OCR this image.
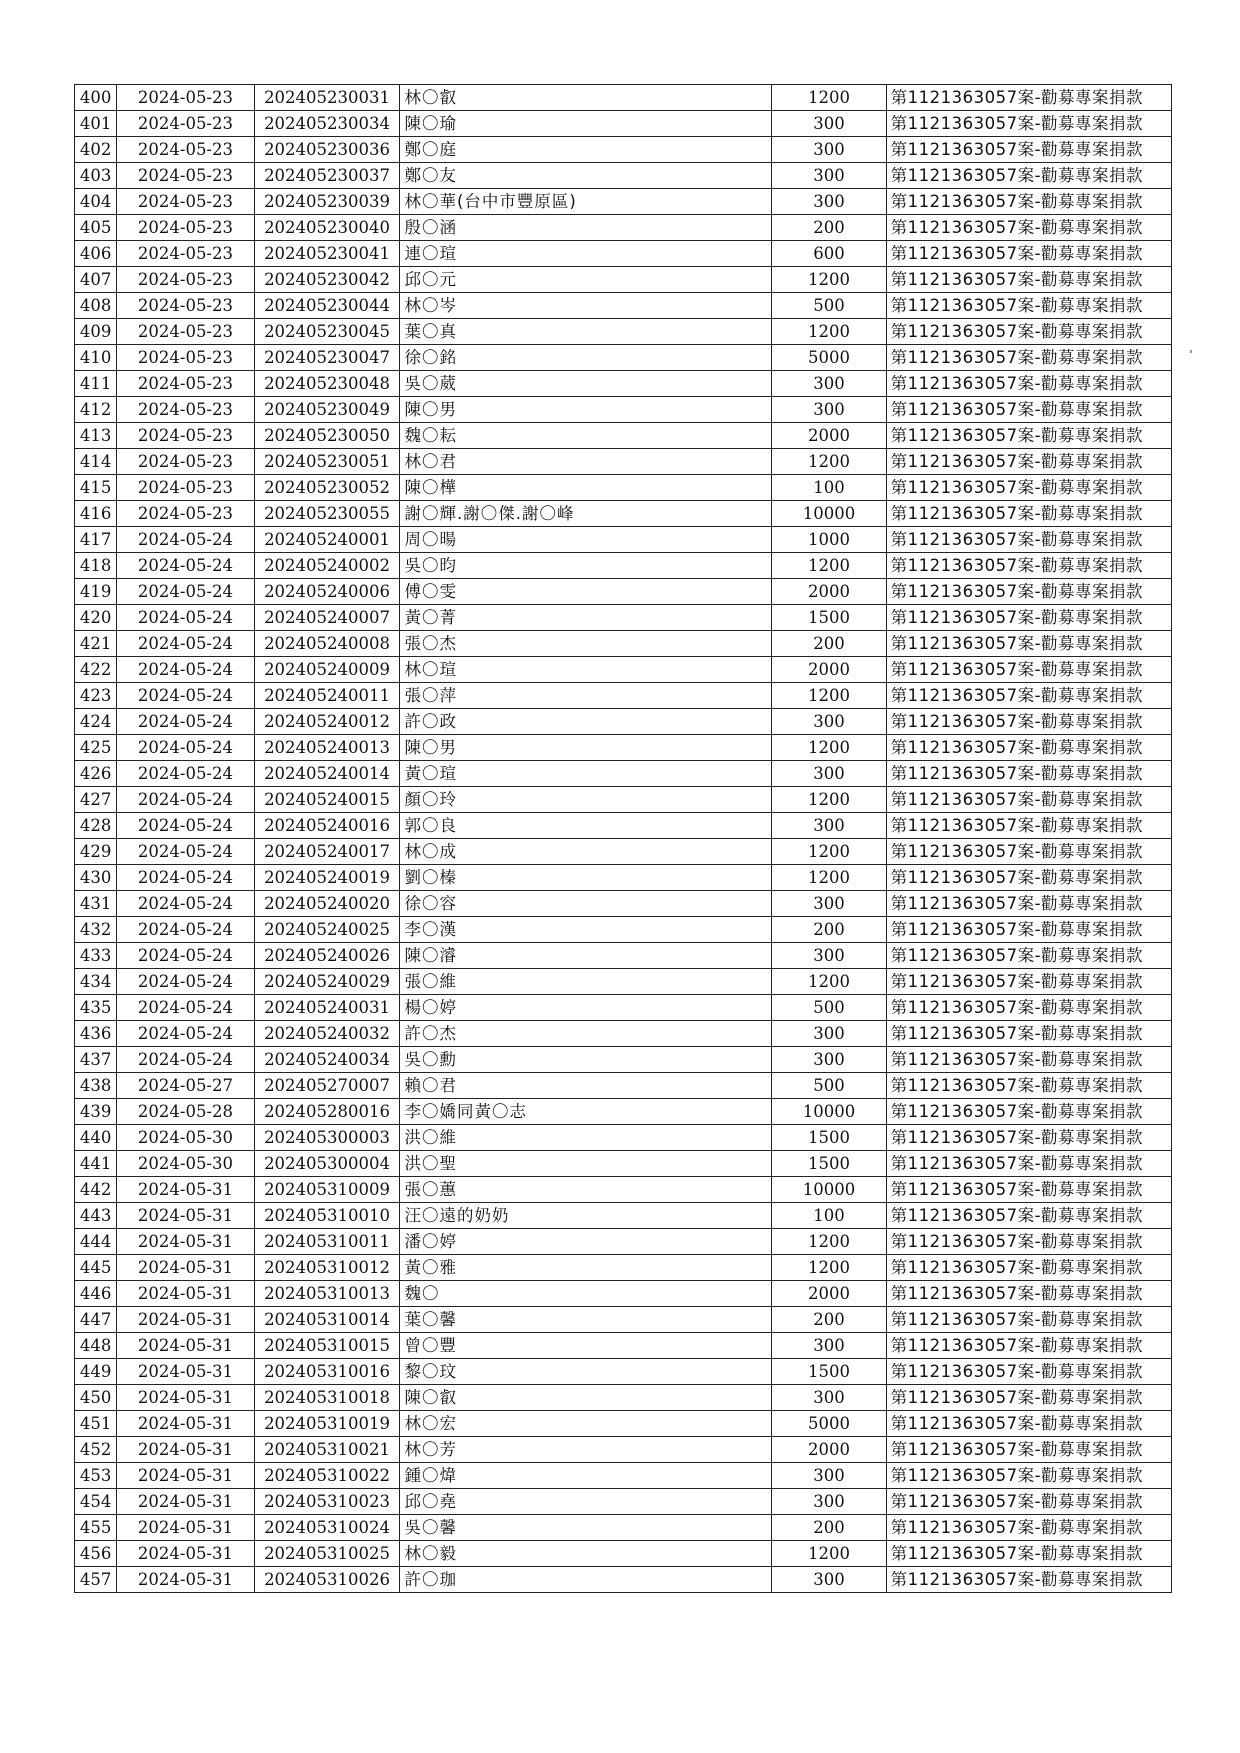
400	2024-05-23	202405230031	林〇叡	1200	第1121363057案-勸募專案捐款
401	2024-05-23	202405230034	陳〇瑜	300	第1121363057案-勸募專案捐款
402	2024-05-23	202405230036	鄭〇庭	300	第1121363057案-勸募專案捐款
403	2024-05-23	202405230037	鄭〇友	300	第1121363057案-勸募專案捐款
404	2024-05-23	202405230039	林〇華(台中市豐原區)	300	第1121363057案-勸募專案捐款
405	2024-05-23	202405230040	殷〇涵	200	第1121363057案-勸募專案捐款
406	2024-05-23	202405230041	連〇瑄	600	第1121363057案-勸募專案捐款
407	2024-05-23	202405230042	邱〇元	1200	第1121363057案-勸募專案捐款
408	2024-05-23	202405230044	林〇岑	500	第1121363057案-勸募專案捐款
409	2024-05-23	202405230045	葉〇真	1200	第1121363057案-勸募專案捐款
410	2024-05-23	202405230047	徐〇銘	5000	第1121363057案-勸募專案捐款
411	2024-05-23	202405230048	吳〇葳	300	第1121363057案-勸募專案捐款
412	2024-05-23	202405230049	陳〇男	300	第1121363057案-勸募專案捐款
413	2024-05-23	202405230050	魏〇耘	2000	第1121363057案-勸募專案捐款
414	2024-05-23	202405230051	林〇君	1200	第1121363057案-勸募專案捐款
415	2024-05-23	202405230052	陳〇樺	100	第1121363057案-勸募專案捐款
416	2024-05-23	202405230055	謝〇輝.謝〇傑.謝〇峰	10000	第1121363057案-勸募專案捐款
417	2024-05-24	202405240001	周〇暘	1000	第1121363057案-勸募專案捐款
418	2024-05-24	202405240002	吳〇昀	1200	第1121363057案-勸募專案捐款
419	2024-05-24	202405240006	傅〇雯	2000	第1121363057案-勸募專案捐款
420	2024-05-24	202405240007	黃〇菁	1500	第1121363057案-勸募專案捐款
421	2024-05-24	202405240008	張〇杰	200	第1121363057案-勸募專案捐款
422	2024-05-24	202405240009	林〇瑄	2000	第1121363057案-勸募專案捐款
423	2024-05-24	202405240011	張〇萍	1200	第1121363057案-勸募專案捐款
424	2024-05-24	202405240012	許〇政	300	第1121363057案-勸募專案捐款
425	2024-05-24	202405240013	陳〇男	1200	第1121363057案-勸募專案捐款
426	2024-05-24	202405240014	黃〇瑄	300	第1121363057案-勸募專案捐款
427	2024-05-24	202405240015	顏〇玲	1200	第1121363057案-勸募專案捐款
428	2024-05-24	202405240016	郭〇良	300	第1121363057案-勸募專案捐款
429	2024-05-24	202405240017	林〇成	1200	第1121363057案-勸募專案捐款
430	2024-05-24	202405240019	劉〇榛	1200	第1121363057案-勸募專案捐款
431	2024-05-24	202405240020	徐〇容	300	第1121363057案-勸募專案捐款
432	2024-05-24	202405240025	李〇漢	200	第1121363057案-勸募專案捐款
433	2024-05-24	202405240026	陳〇濬	300	第1121363057案-勸募專案捐款
434	2024-05-24	202405240029	張〇維	1200	第1121363057案-勸募專案捐款
435	2024-05-24	202405240031	楊〇婷	500	第1121363057案-勸募專案捐款
436	2024-05-24	202405240032	許〇杰	300	第1121363057案-勸募專案捐款
437	2024-05-24	202405240034	吳〇勳	300	第1121363057案-勸募專案捐款
438	2024-05-27	202405270007	賴〇君	500	第1121363057案-勸募專案捐款
439	2024-05-28	202405280016	李〇嬌同黃〇志	10000	第1121363057案-勸募專案捐款
440	2024-05-30	202405300003	洪〇維	1500	第1121363057案-勸募專案捐款
441	2024-05-30	202405300004	洪〇聖	1500	第1121363057案-勸募專案捐款
442	2024-05-31	202405310009	張〇蕙	10000	第1121363057案-勸募專案捐款
443	2024-05-31	202405310010	汪〇遠的奶奶	100	第1121363057案-勸募專案捐款
444	2024-05-31	202405310011	潘〇婷	1200	第1121363057案-勸募專案捐款
445	2024-05-31	202405310012	黃〇雅	1200	第1121363057案-勸募專案捐款
446	2024-05-31	202405310013	魏〇	2000	第1121363057案-勸募專案捐款
447	2024-05-31	202405310014	葉〇馨	200	第1121363057案-勸募專案捐款
448	2024-05-31	202405310015	曾〇豐	300	第1121363057案-勸募專案捐款
449	2024-05-31	202405310016	黎〇玟	1500	第1121363057案-勸募專案捐款
450	2024-05-31	202405310018	陳〇叡	300	第1121363057案-勸募專案捐款
451	2024-05-31	202405310019	林〇宏	5000	第1121363057案-勸募專案捐款
452	2024-05-31	202405310021	林〇芳	2000	第1121363057案-勸募專案捐款
453	2024-05-31	202405310022	鍾〇煒	300	第1121363057案-勸募專案捐款
454	2024-05-31	202405310023	邱〇堯	300	第1121363057案-勸募專案捐款
455	2024-05-31	202405310024	吳〇馨	200	第1121363057案-勸募專案捐款
456	2024-05-31	202405310025	林〇毅	1200	第1121363057案-勸募專案捐款
457	2024-05-31	202405310026	許〇珈	300	第1121363057案-勸募專案捐款
